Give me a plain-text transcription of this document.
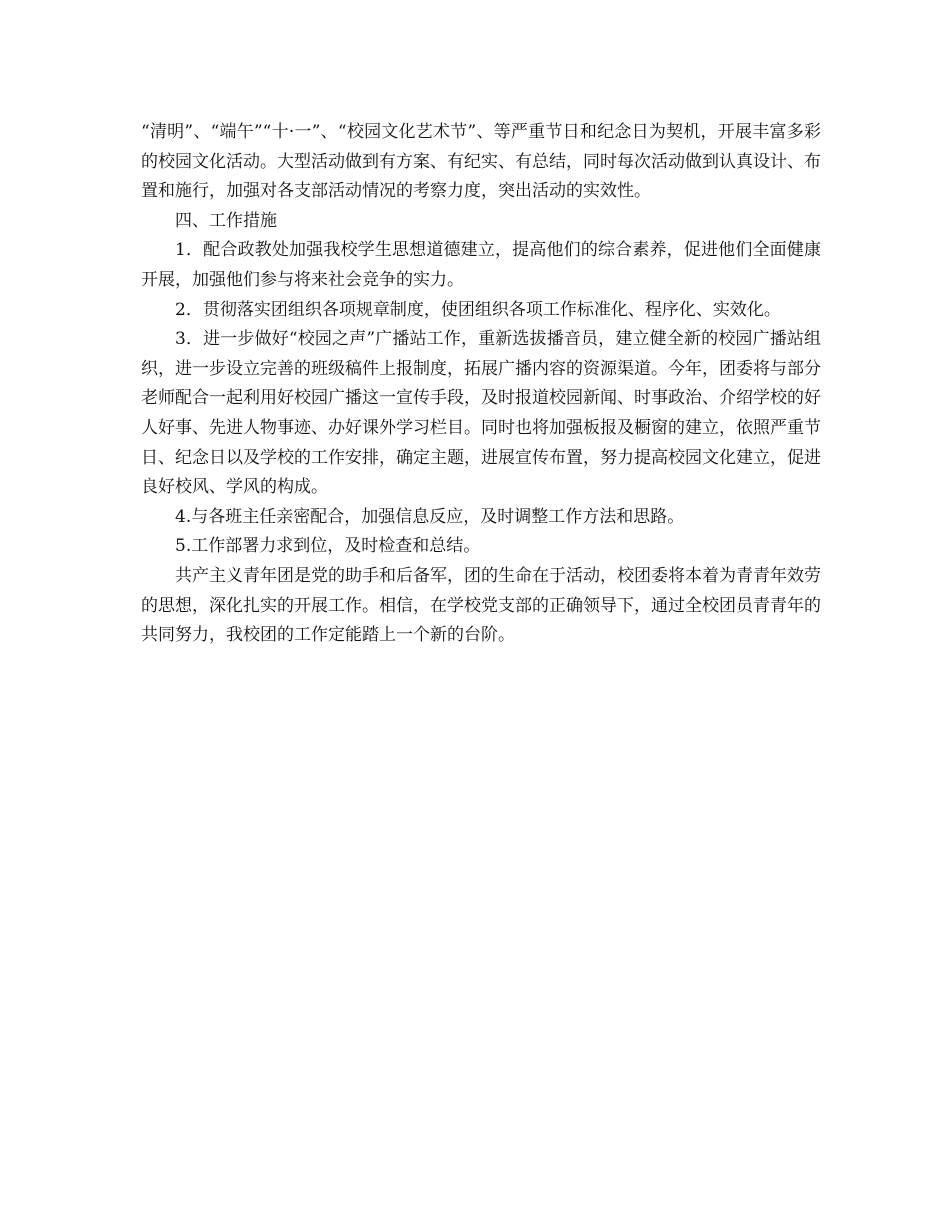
“清明”、“端午”“十·一”、“校园文化艺术节”、等严重节日和纪念日为契机，开展丰富多彩的校园文化活动。大型活动做到有方案、有纪实、有总结，同时每次活动做到认真设计、布置和施行，加强对各支部活动情况的考察力度，突出活动的实效性。

四、工作措施

1．配合政教处加强我校学生思想道德建立，提高他们的综合素养，促进他们全面健康开展，加强他们参与将来社会竞争的实力。

2．贯彻落实团组织各项规章制度，使团组织各项工作标准化、程序化、实效化。

3．进一步做好“校园之声”广播站工作，重新选拔播音员，建立健全新的校园广播站组织，进一步设立完善的班级稿件上报制度，拓展广播内容的资源渠道。今年，团委将与部分老师配合一起利用好校园广播这一宣传手段，及时报道校园新闻、时事政治、介绍学校的好人好事、先进人物事迹、办好课外学习栏目。同时也将加强板报及橱窗的建立，依照严重节日、纪念日以及学校的工作安排，确定主题，进展宣传布置，努力提高校园文化建立，促进良好校风、学风的构成。

4.与各班主任亲密配合，加强信息反应，及时调整工作方法和思路。

5.工作部署力求到位，及时检查和总结。

共产主义青年团是党的助手和后备军，团的生命在于活动，校团委将本着为青青年效劳的思想，深化扎实的开展工作。相信，在学校党支部的正确领导下，通过全校团员青青年的共同努力，我校团的工作定能踏上一个新的台阶。
